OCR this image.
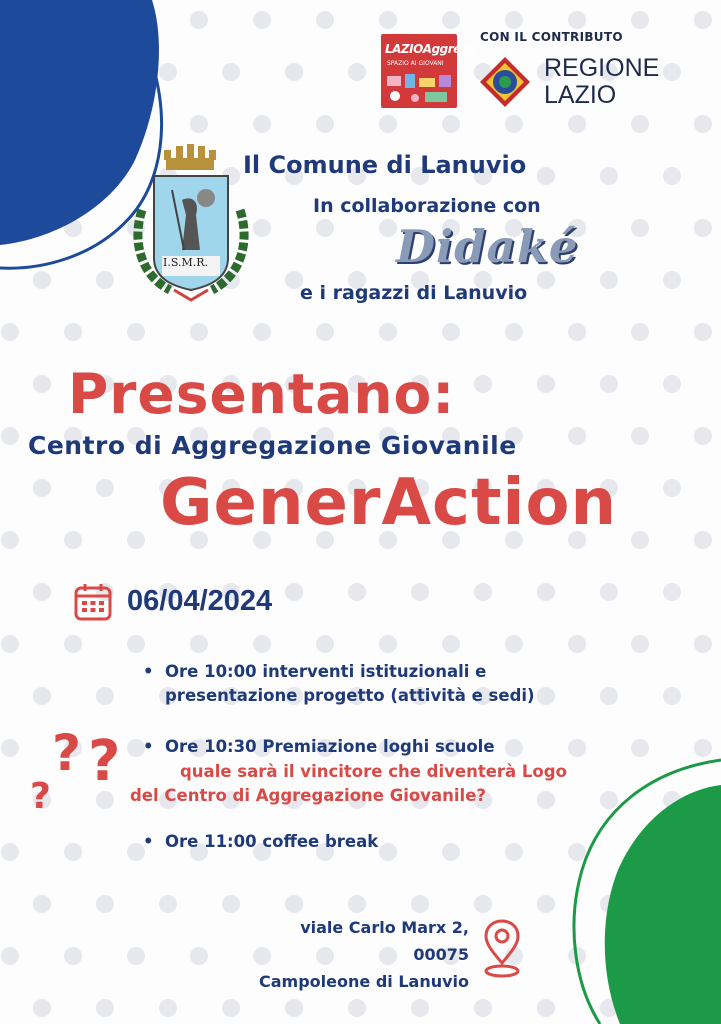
LAZIOAggrega
SPAZIO AI GIOVANI
CON IL CONTRIBUTO
REGIONE
LAZIO
I.S.M.R.
Il Comune di Lanuvio
In collaborazione con
Didaké
e i ragazzi di Lanuvio
Presentano:
Centro di Aggregazione Giovanile
GenerAction
06/04/2024
• Ore 10:00 interventi istituzionali e
presentazione progetto (attività e sedi)
• Ore 10:30 Premiazione loghi scuole
quale sarà il vincitore che diventerà Logo
del Centro di Aggregazione Giovanile?
? ?
?
• Ore 11:00 coffee break
viale Carlo Marx 2,
00075
Campoleone di Lanuvio
